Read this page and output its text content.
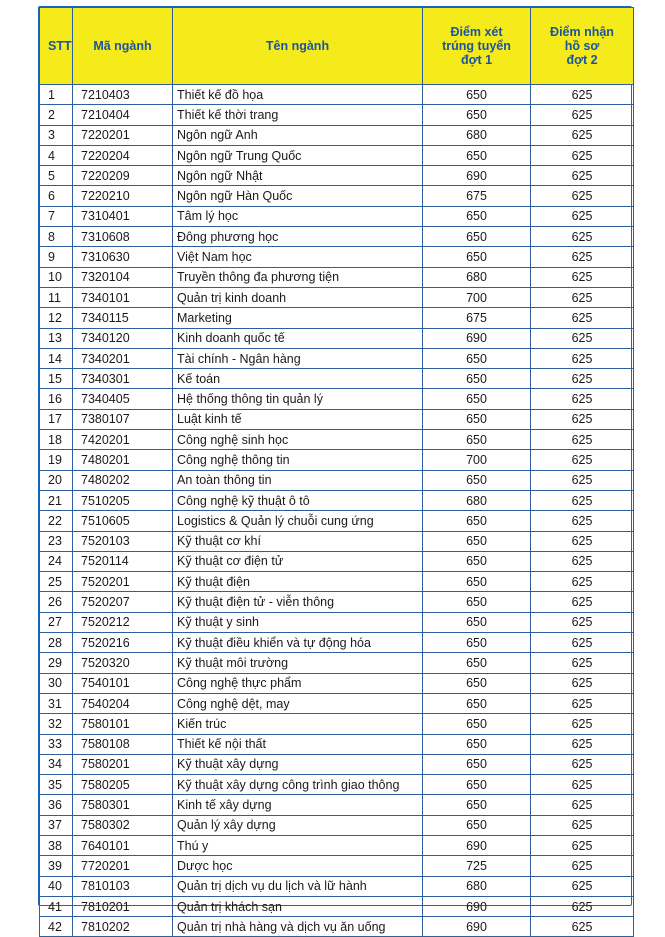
STT	Mã ngành	Tên ngành	Điểm xét
trúng tuyển
đợt 1	Điểm nhận
hồ sơ
đợt 2

1	7210403	Thiết kế đồ họa	650	625
2	7210404	Thiết kế thời trang	650	625
3	7220201	Ngôn ngữ Anh	680	625
4	7220204	Ngôn ngữ Trung Quốc	650	625
5	7220209	Ngôn ngữ Nhật	690	625
6	7220210	Ngôn ngữ Hàn Quốc	675	625
7	7310401	Tâm lý học	650	625
8	7310608	Đông phương học	650	625
9	7310630	Việt Nam học	650	625
10	7320104	Truyền thông đa phương tiện	680	625
11	7340101	Quản trị kinh doanh	700	625
12	7340115	Marketing	675	625
13	7340120	Kinh doanh quốc tế	690	625
14	7340201	Tài chính - Ngân hàng	650	625
15	7340301	Kế toán	650	625
16	7340405	Hệ thống thông tin quản lý	650	625
17	7380107	Luật kinh tế	650	625
18	7420201	Công nghệ sinh học	650	625
19	7480201	Công nghệ thông tin	700	625
20	7480202	An toàn thông tin	650	625
21	7510205	Công nghệ kỹ thuật ô tô	680	625
22	7510605	Logistics & Quản lý chuỗi cung ứng	650	625
23	7520103	Kỹ thuật cơ khí	650	625
24	7520114	Kỹ thuật cơ điện tử	650	625
25	7520201	Kỹ thuật điện	650	625
26	7520207	Kỹ thuật điện tử - viễn thông	650	625
27	7520212	Kỹ thuật y sinh	650	625
28	7520216	Kỹ thuật điều khiển và tự động hóa	650	625
29	7520320	Kỹ thuật môi trường	650	625
30	7540101	Công nghệ thực phẩm	650	625
31	7540204	Công nghệ dệt, may	650	625
32	7580101	Kiến trúc	650	625
33	7580108	Thiết kế nội thất	650	625
34	7580201	Kỹ thuật xây dựng	650	625
35	7580205	Kỹ thuật xây dựng công trình giao thông	650	625
36	7580301	Kinh tế xây dựng	650	625
37	7580302	Quản lý xây dựng	650	625
38	7640101	Thú y	690	625
39	7720201	Dược học	725	625
40	7810103	Quản trị dịch vụ du lịch và lữ hành	680	625
41	7810201	Quản trị khách sạn	690	625
42	7810202	Quản trị nhà hàng và dịch vụ ăn uống	690	625
